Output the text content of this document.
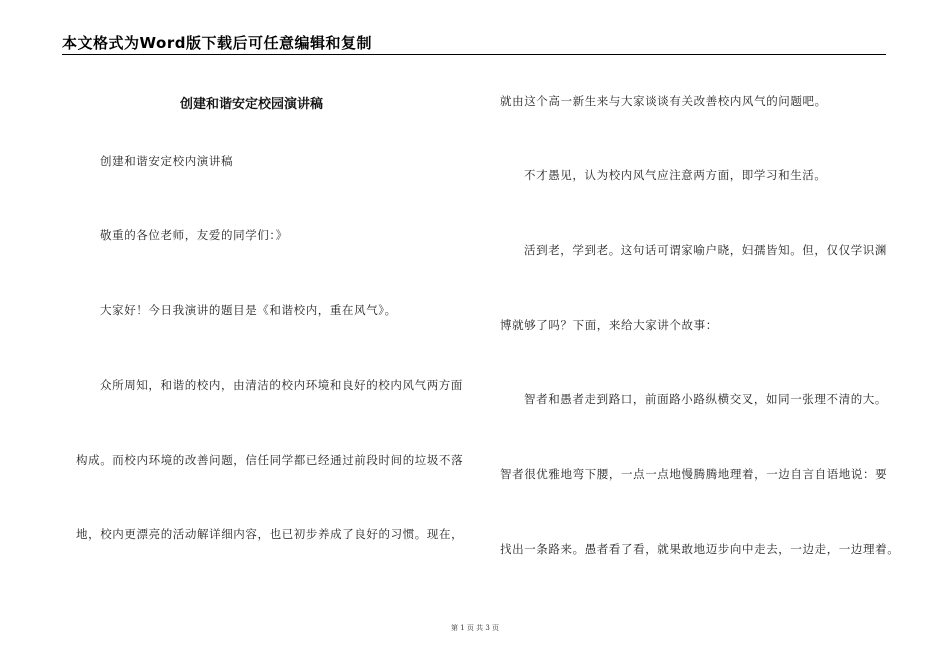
本文格式为Word版下载后可任意编辑和复制
创建和谐安定校园演讲稿
创建和谐安定校内演讲稿
敬重的各位老师，友爱的同学们：》
大家好！今日我演讲的题目是《和谐校内，重在风气》。
众所周知，和谐的校内，由清洁的校内环境和良好的校内风气两方面
构成。而校内环境的改善问题，信任同学都已经通过前段时间的垃圾不落
地，校内更漂亮的活动解详细内容，也已初步养成了良好的习惯。现在，
就由这个高一新生来与大家谈谈有关改善校内风气的问题吧。
不才愚见，认为校内风气应注意两方面，即学习和生活。
活到老，学到老。这句话可谓家喻户晓，妇孺皆知。但，仅仅学识渊
博就够了吗？下面，来给大家讲个故事：
智者和愚者走到路口，前面路小路纵横交叉，如同一张理不清的大。
智者很优雅地弯下腰，一点一点地慢腾腾地理着，一边自言自语地说：要
找出一条路来。愚者看了看，就果敢地迈步向中走去，一边走，一边理着。
第 1 页 共 3 页
